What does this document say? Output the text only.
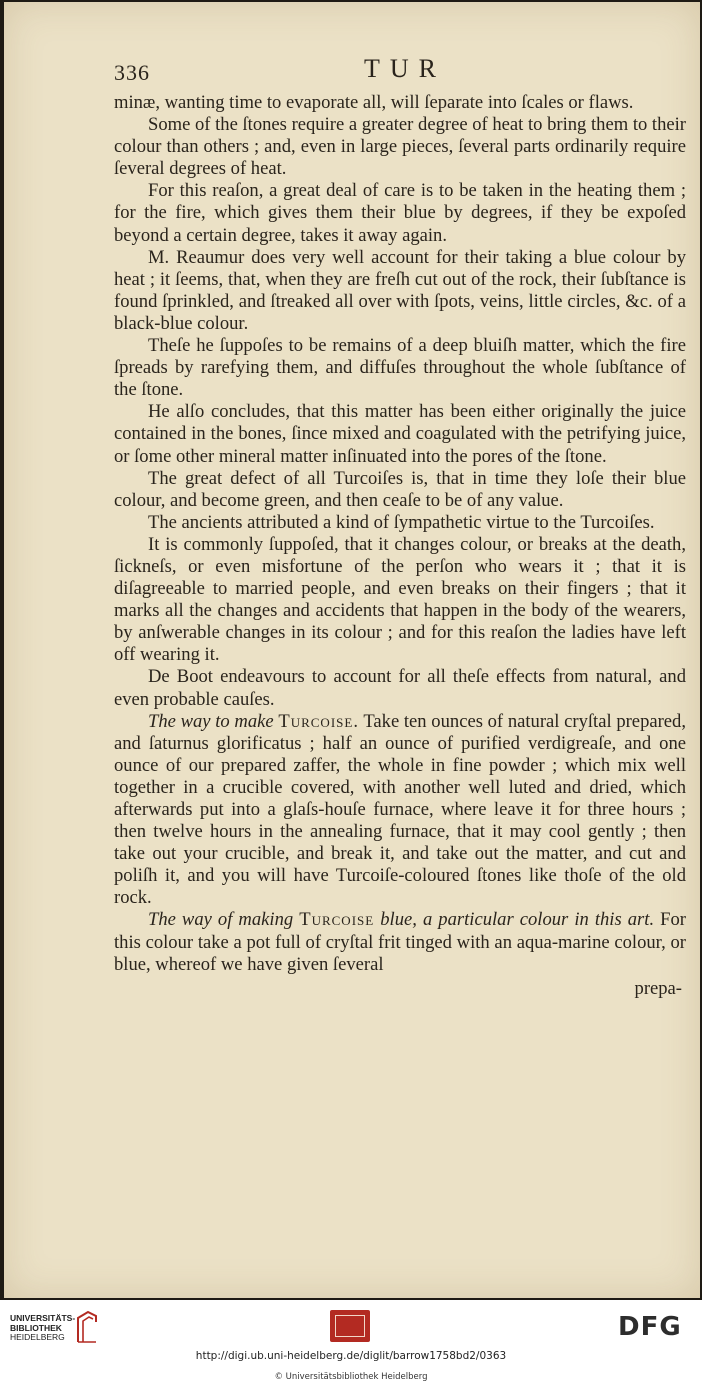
336	TUR

minæ, wanting time to evaporate all, will ſeparate into ſcales or flaws.

Some of the ſtones require a greater degree of heat to bring them to their colour than others ; and, even in large pieces, ſeveral parts ordinarily require ſeveral degrees of heat.

For this reaſon, a great deal of care is to be taken in the heating them ; for the fire, which gives them their blue by degrees, if they be expoſed beyond a certain degree, takes it away again.

M. Reaumur does very well account for their taking a blue colour by heat ; it ſeems, that, when they are freſh cut out of the rock, their ſubſtance is found ſprinkled, and ſtreaked all over with ſpots, veins, little circles, &c. of a black-blue colour.

Theſe he ſuppoſes to be remains of a deep bluiſh matter, which the fire ſpreads by rarefying them, and diffuſes throughout the whole ſubſtance of the ſtone.

He alſo concludes, that this matter has been either originally the juice contained in the bones, ſince mixed and coagulated with the petrifying juice, or ſome other mineral matter inſinuated into the pores of the ſtone.

The great defect of all Turcoiſes is, that in time they loſe their blue colour, and become green, and then ceaſe to be of any value.

The ancients attributed a kind of ſympathetic virtue to the Turcoiſes.

It is commonly ſuppoſed, that it changes colour, or breaks at the death, ſickneſs, or even misfortune of the perſon who wears it ; that it is diſagreeable to married people, and even breaks on their fingers ; that it marks all the changes and accidents that happen in the body of the wearers, by anſwerable changes in its colour ; and for this reaſon the ladies have left off wearing it.

De Boot endeavours to account for all theſe effects from natural, and even probable cauſes.

The way to make Turcoise. Take ten ounces of natural cryſtal prepared, and ſaturnus glorificatus ; half an ounce of purified verdigreaſe, and one ounce of our prepared zaffer, the whole in fine powder ; which mix well together in a crucible covered, with another well luted and dried, which afterwards put into a glaſs-houſe furnace, where leave it for three hours ; then twelve hours in the annealing furnace, that it may cool gently ; then take out your crucible, and break it, and take out the matter, and cut and poliſh it, and you will have Turcoiſe-coloured ſtones like thoſe of the old rock.

The way of making Turcoise blue, a particular colour in this art. For this colour take a pot full of cryſtal frit tinged with an aqua-marine colour, or blue, whereof we have given ſeveral

prepa-
UNIVERSITÄTS-
BIBLIOTHEK
HEIDELBERG	DFG
http://digi.ub.uni-heidelberg.de/diglit/barrow1758bd2/0363
© Universitätsbibliothek Heidelberg
